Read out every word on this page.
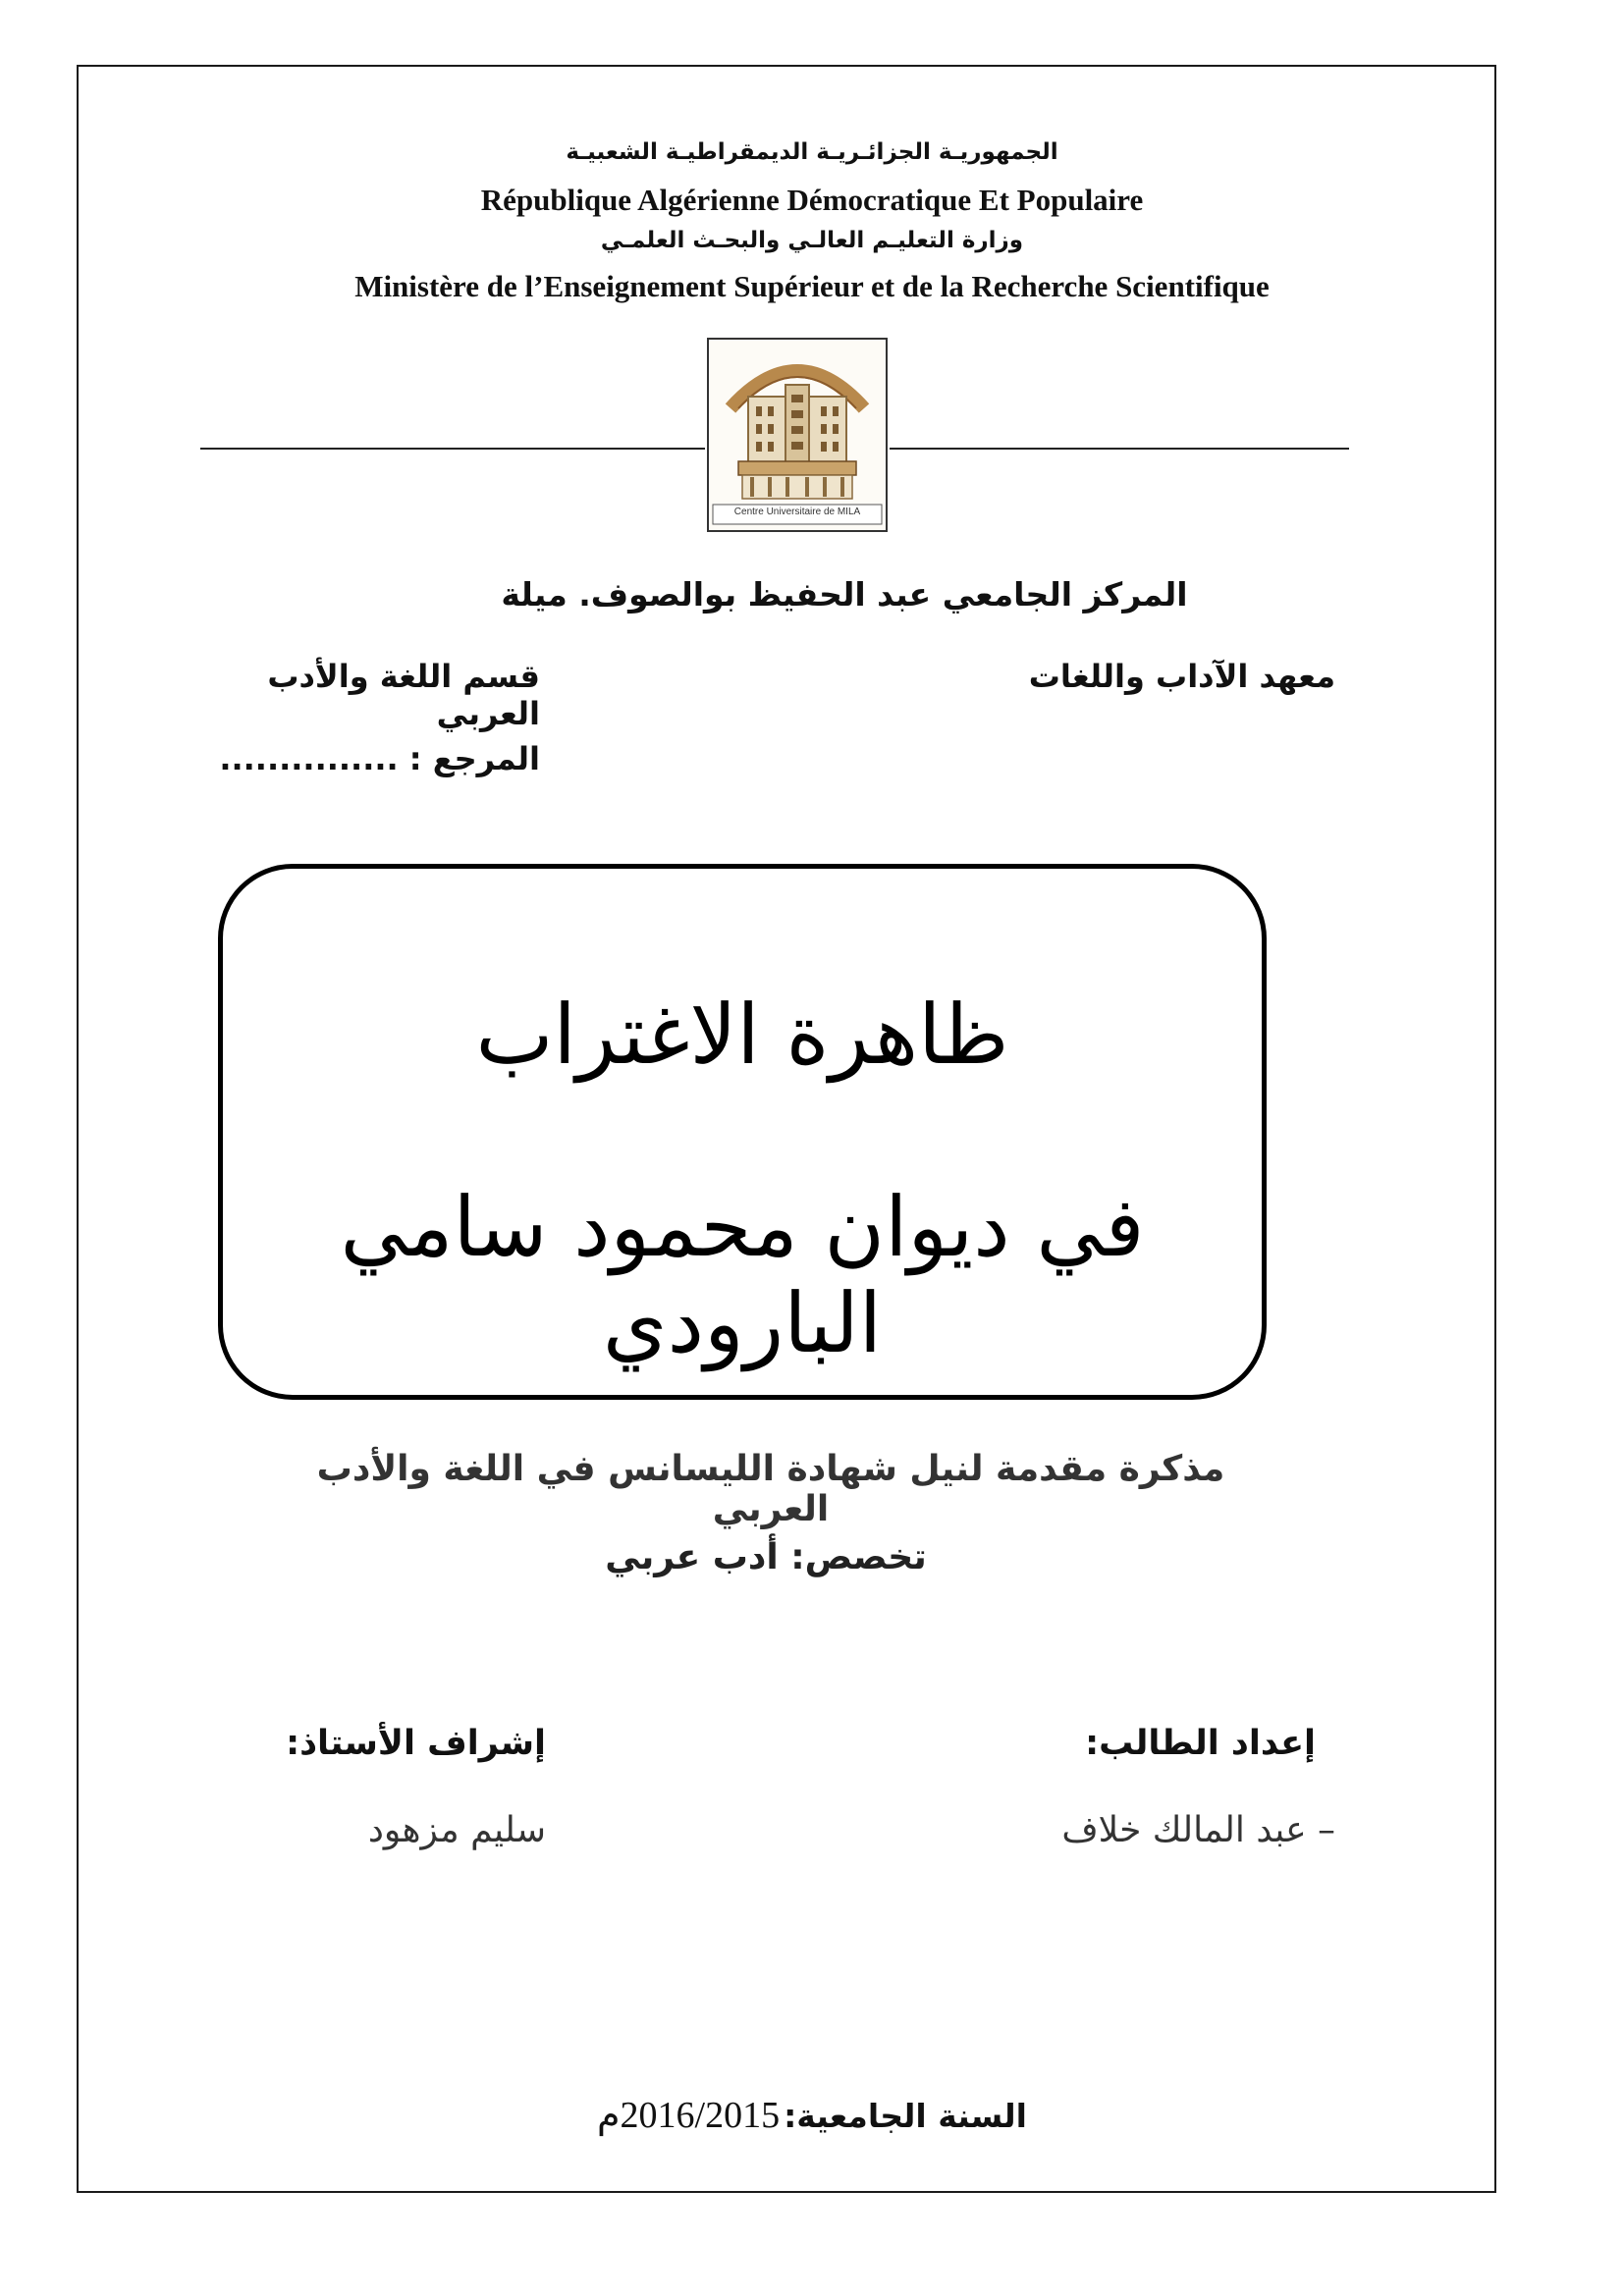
الجمهوريـة الجزائـريـة الديمقراطيـة الشعبيـة
République Algérienne Démocratique Et Populaire
وزارة التعليـم العالـي والبحـث العلمـي
Ministère de l’Enseignement Supérieur et de la Recherche Scientifique
Centre Universitaire de MILA
المركز الجامعي عبد الحفيظ بوالصوف. ميلة
معهد الآداب واللغات
قسم اللغة والأدب العربي
المرجع : ...............
ظاهرة الاغتراب
في ديوان محمود سامي البارودي
مذكرة مقدمة لنيل شهادة الليسانس في اللغة والأدب العربي
تخصص: أدب عربي
إعداد الطالب:
– عبد المالك خلاف
إشراف الأستاذ:
سليم مزهود
السنة الجامعية: 2016/2015م
